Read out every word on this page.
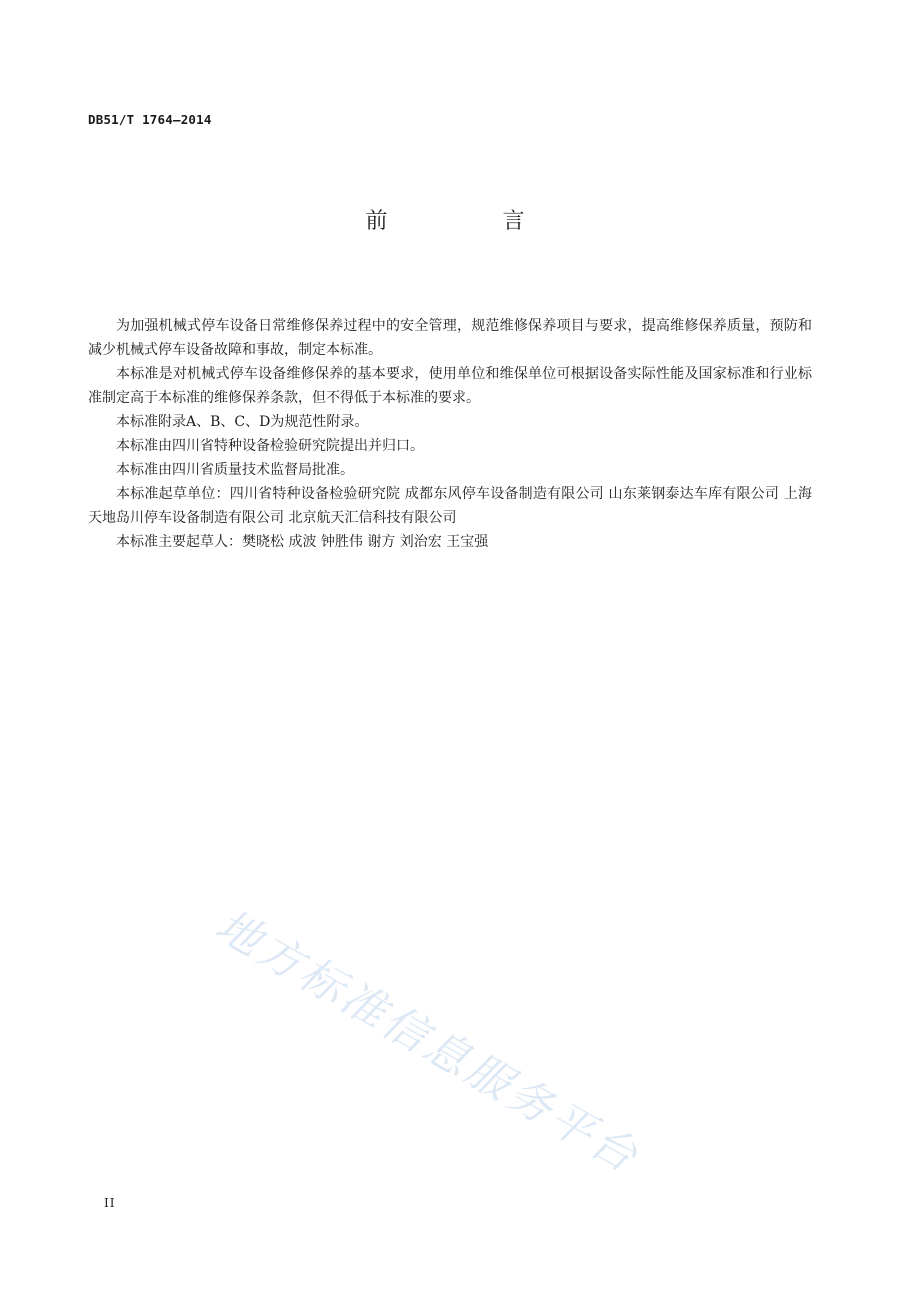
DB51/T 1764—2014
前 言

为加强机械式停车设备日常维修保养过程中的安全管理，规范维修保养项目与要求，提高维修保养质量，预防和减少机械式停车设备故障和事故，制定本标准。

本标准是对机械式停车设备维修保养的基本要求，使用单位和维保单位可根据设备实际性能及国家标准和行业标准制定高于本标准的维修保养条款，但不得低于本标准的要求。

本标准附录A、B、C、D为规范性附录。

本标准由四川省特种设备检验研究院提出并归口。

本标准由四川省质量技术监督局批准。

本标准起草单位：四川省特种设备检验研究院 成都东风停车设备制造有限公司 山东莱钢泰达车库有限公司 上海天地岛川停车设备制造有限公司 北京航天汇信科技有限公司

本标准主要起草人：樊晓松 成波 钟胜伟 谢方 刘治宏 王宝强

地方标准信息服务平台
II
